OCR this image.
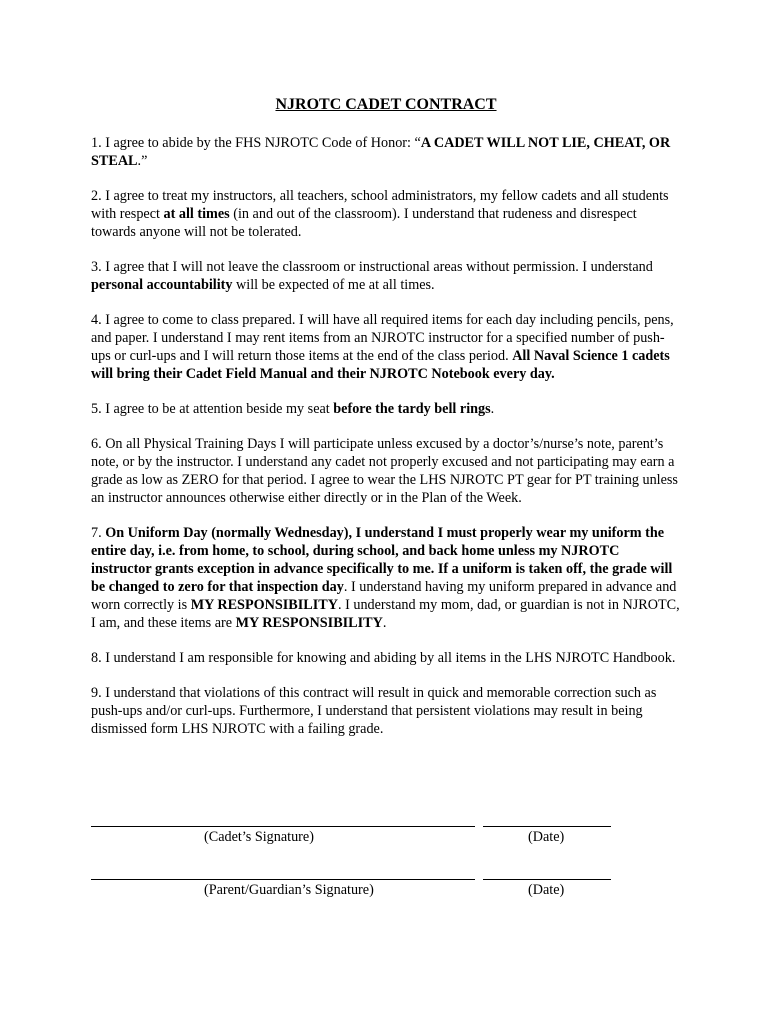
NJROTC CADET CONTRACT
1. I agree to abide by the FHS NJROTC Code of Honor: “A CADET WILL NOT LIE, CHEAT, OR STEAL.”
2. I agree to treat my instructors, all teachers, school administrators, my fellow cadets and all students with respect at all times (in and out of the classroom). I understand that rudeness and disrespect towards anyone will not be tolerated.
3. I agree that I will not leave the classroom or instructional areas without permission. I understand personal accountability will be expected of me at all times.
4. I agree to come to class prepared. I will have all required items for each day including pencils, pens, and paper. I understand I may rent items from an NJROTC instructor for a specified number of push-ups or curl-ups and I will return those items at the end of the class period. All Naval Science 1 cadets will bring their Cadet Field Manual and their NJROTC Notebook every day.
5. I agree to be at attention beside my seat before the tardy bell rings.
6. On all Physical Training Days I will participate unless excused by a doctor’s/nurse’s note, parent’s note, or by the instructor. I understand any cadet not properly excused and not participating may earn a grade as low as ZERO for that period. I agree to wear the LHS NJROTC PT gear for PT training unless an instructor announces otherwise either directly or in the Plan of the Week.
7. On Uniform Day (normally Wednesday), I understand I must properly wear my uniform the entire day, i.e. from home, to school, during school, and back home unless my NJROTC instructor grants exception in advance specifically to me. If a uniform is taken off, the grade will be changed to zero for that inspection day. I understand having my uniform prepared in advance and worn correctly is MY RESPONSIBILITY. I understand my mom, dad, or guardian is not in NJROTC, I am, and these items are MY RESPONSIBILITY.
8. I understand I am responsible for knowing and abiding by all items in the LHS NJROTC Handbook.
9. I understand that violations of this contract will result in quick and memorable correction such as push-ups and/or curl-ups. Furthermore, I understand that persistent violations may result in being dismissed form LHS NJROTC with a failing grade.
(Cadet’s Signature)	(Date)
(Parent/Guardian’s Signature)	(Date)
